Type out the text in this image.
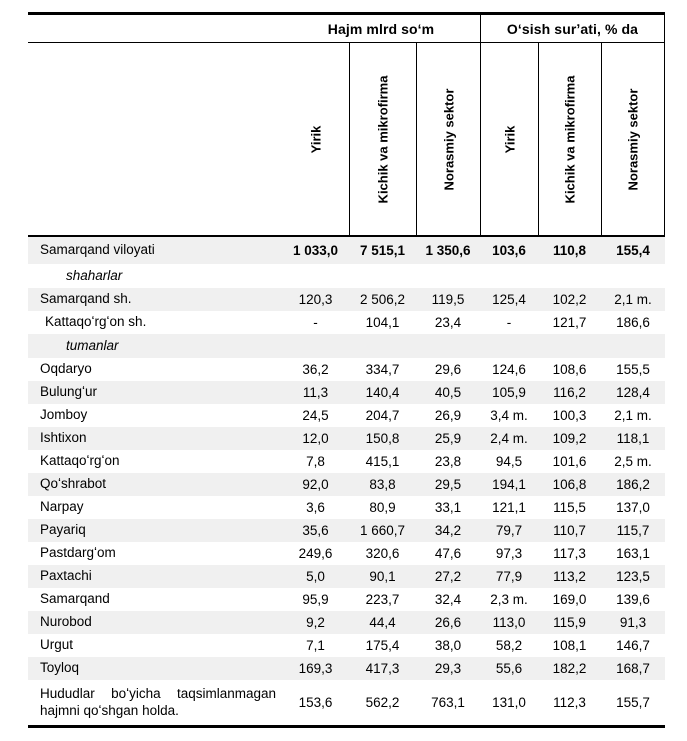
Hajm mlrd soʻm	Oʻsish surʼati, % da
Yirik	Kichik va mikrofirma	Norasmiy sektor	Yirik	Kichik va mikrofirma	Norasmiy sektor
Samarqand viloyati	1 033,0	7 515,1	1 350,6	103,6	110,8	155,4
shaharlar
Samarqand sh.	120,3	2 506,2	119,5	125,4	102,2	2,1 m.
Kattaqoʻrgʻon sh.	-	104,1	23,4	-	121,7	186,6
tumanlar
Oqdaryo	36,2	334,7	29,6	124,6	108,6	155,5
Bulungʻur	11,3	140,4	40,5	105,9	116,2	128,4
Jomboy	24,5	204,7	26,9	3,4 m.	100,3	2,1 m.
Ishtixon	12,0	150,8	25,9	2,4 m.	109,2	118,1
Kattaqoʻrgʻon	7,8	415,1	23,8	94,5	101,6	2,5 m.
Qoʻshrabot	92,0	83,8	29,5	194,1	106,8	186,2
Narpay	3,6	80,9	33,1	121,1	115,5	137,0
Payariq	35,6	1 660,7	34,2	79,7	110,7	115,7
Pastdargʻom	249,6	320,6	47,6	97,3	117,3	163,1
Paxtachi	5,0	90,1	27,2	77,9	113,2	123,5
Samarqand	95,9	223,7	32,4	2,3 m.	169,0	139,6
Nurobod	9,2	44,4	26,6	113,0	115,9	91,3
Urgut	7,1	175,4	38,0	58,2	108,1	146,7
Toyloq	169,3	417,3	29,3	55,6	182,2	168,7
Hududlar boʻyicha taqsimlanmagan hajmni qoʻshgan holda.	153,6	562,2	763,1	131,0	112,3	155,7
